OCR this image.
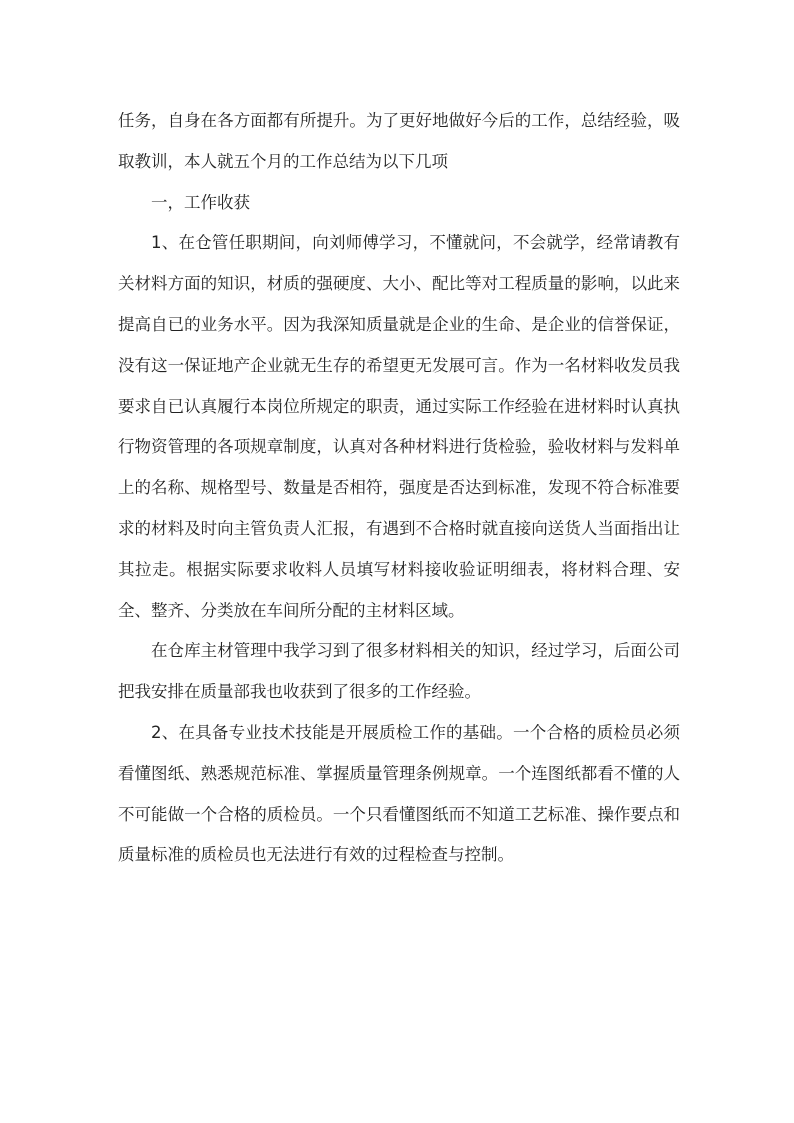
任务，自身在各方面都有所提升。为了更好地做好今后的工作，总结经验，吸取教训，本人就五个月的工作总结为以下几项

一，工作收获

1、在仓管任职期间，向刘师傅学习，不懂就问，不会就学，经常请教有关材料方面的知识，材质的强硬度、大小、配比等对工程质量的影响，以此来提高自已的业务水平。因为我深知质量就是企业的生命、是企业的信誉保证，没有这一保证地产企业就无生存的希望更无发展可言。作为一名材料收发员我要求自已认真履行本岗位所规定的职责，通过实际工作经验在进材料时认真执行物资管理的各项规章制度，认真对各种材料进行货检验，验收材料与发料单上的名称、规格型号、数量是否相符，强度是否达到标准，发现不符合标准要求的材料及时向主管负责人汇报，有遇到不合格时就直接向送货人当面指出让其拉走。根据实际要求收料人员填写材料接收验证明细表，将材料合理、安全、整齐、分类放在车间所分配的主材料区域。

在仓库主材管理中我学习到了很多材料相关的知识，经过学习，后面公司把我安排在质量部我也收获到了很多的工作经验。

2、在具备专业技术技能是开展质检工作的基础。一个合格的质检员必须看懂图纸、熟悉规范标准、掌握质量管理条例规章。一个连图纸都看不懂的人不可能做一个合格的质检员。一个只看懂图纸而不知道工艺标准、操作要点和质量标准的质检员也无法进行有效的过程检查与控制。
